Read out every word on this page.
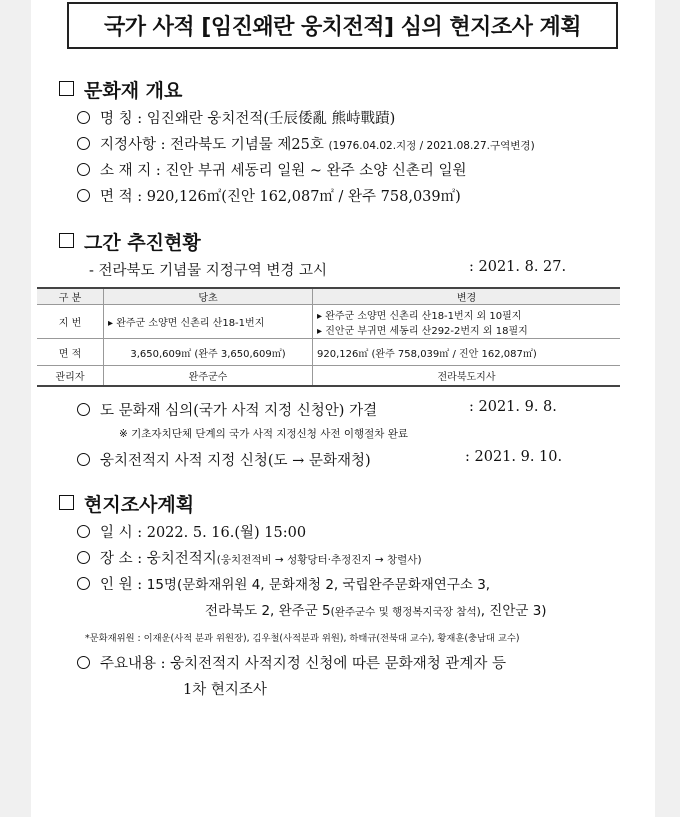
국가 사적 [임진왜란 웅치전적] 심의 현지조사 계획
문화재 개요
명 칭 : 임진왜란 웅치전적(壬辰倭亂 熊峙戰蹟)
지정사항 : 전라북도 기념물 제25호 (1976.04.02.지정 / 2021.08.27.구역변경)
소 재 지 : 진안 부귀 세동리 일원 ~ 완주 소양 신촌리 일원
면 적 : 920,126㎡(진안 162,087㎡ / 완주 758,039㎡)
그간 추진현황
- 전라북도 기념물 지정구역 변경 고시	: 2021. 8. 27.
구 분	당초	변경
지 번	▸ 완주군 소양면 신촌리 산18-1번지	▸ 완주군 소양면 신촌리 산18-1번지 외 10필지
▸ 진안군 부귀면 세동리 산292-2번지 외 18필지

면 적	3,650,609㎡ (완주 3,650,609㎡)	920,126㎡ (완주 758,039㎡ / 진안 162,087㎡)
관리자	완주군수	전라북도지사
도 문화재 심의(국가 사적 지정 신청안) 가결	: 2021. 9. 8.
※ 기초자치단체 단계의 국가 사적 지정신청 사전 이행절차 완료
웅치전적지 사적 지정 신청(도 → 문화재청)	: 2021. 9. 10.
현지조사계획
일 시 : 2022. 5. 16.(월) 15:00
장 소 : 웅치전적지(웅치전적비 → 성황당터·추정진지 → 창렬사)
인 원 : 15명(문화재위원 4, 문화재청 2, 국립완주문화재연구소 3,
전라북도 2, 완주군 5(완주군수 및 행정복지국장 참석), 진안군 3)
*문화재위원 : 이재운(사적 분과 위원장), 김우철(사적분과 위원), 하태규(전북대 교수), 황재훈(충남대 교수)
주요내용 : 웅치전적지 사적지정 신청에 따른 문화재청 관계자 등
1차 현지조사
